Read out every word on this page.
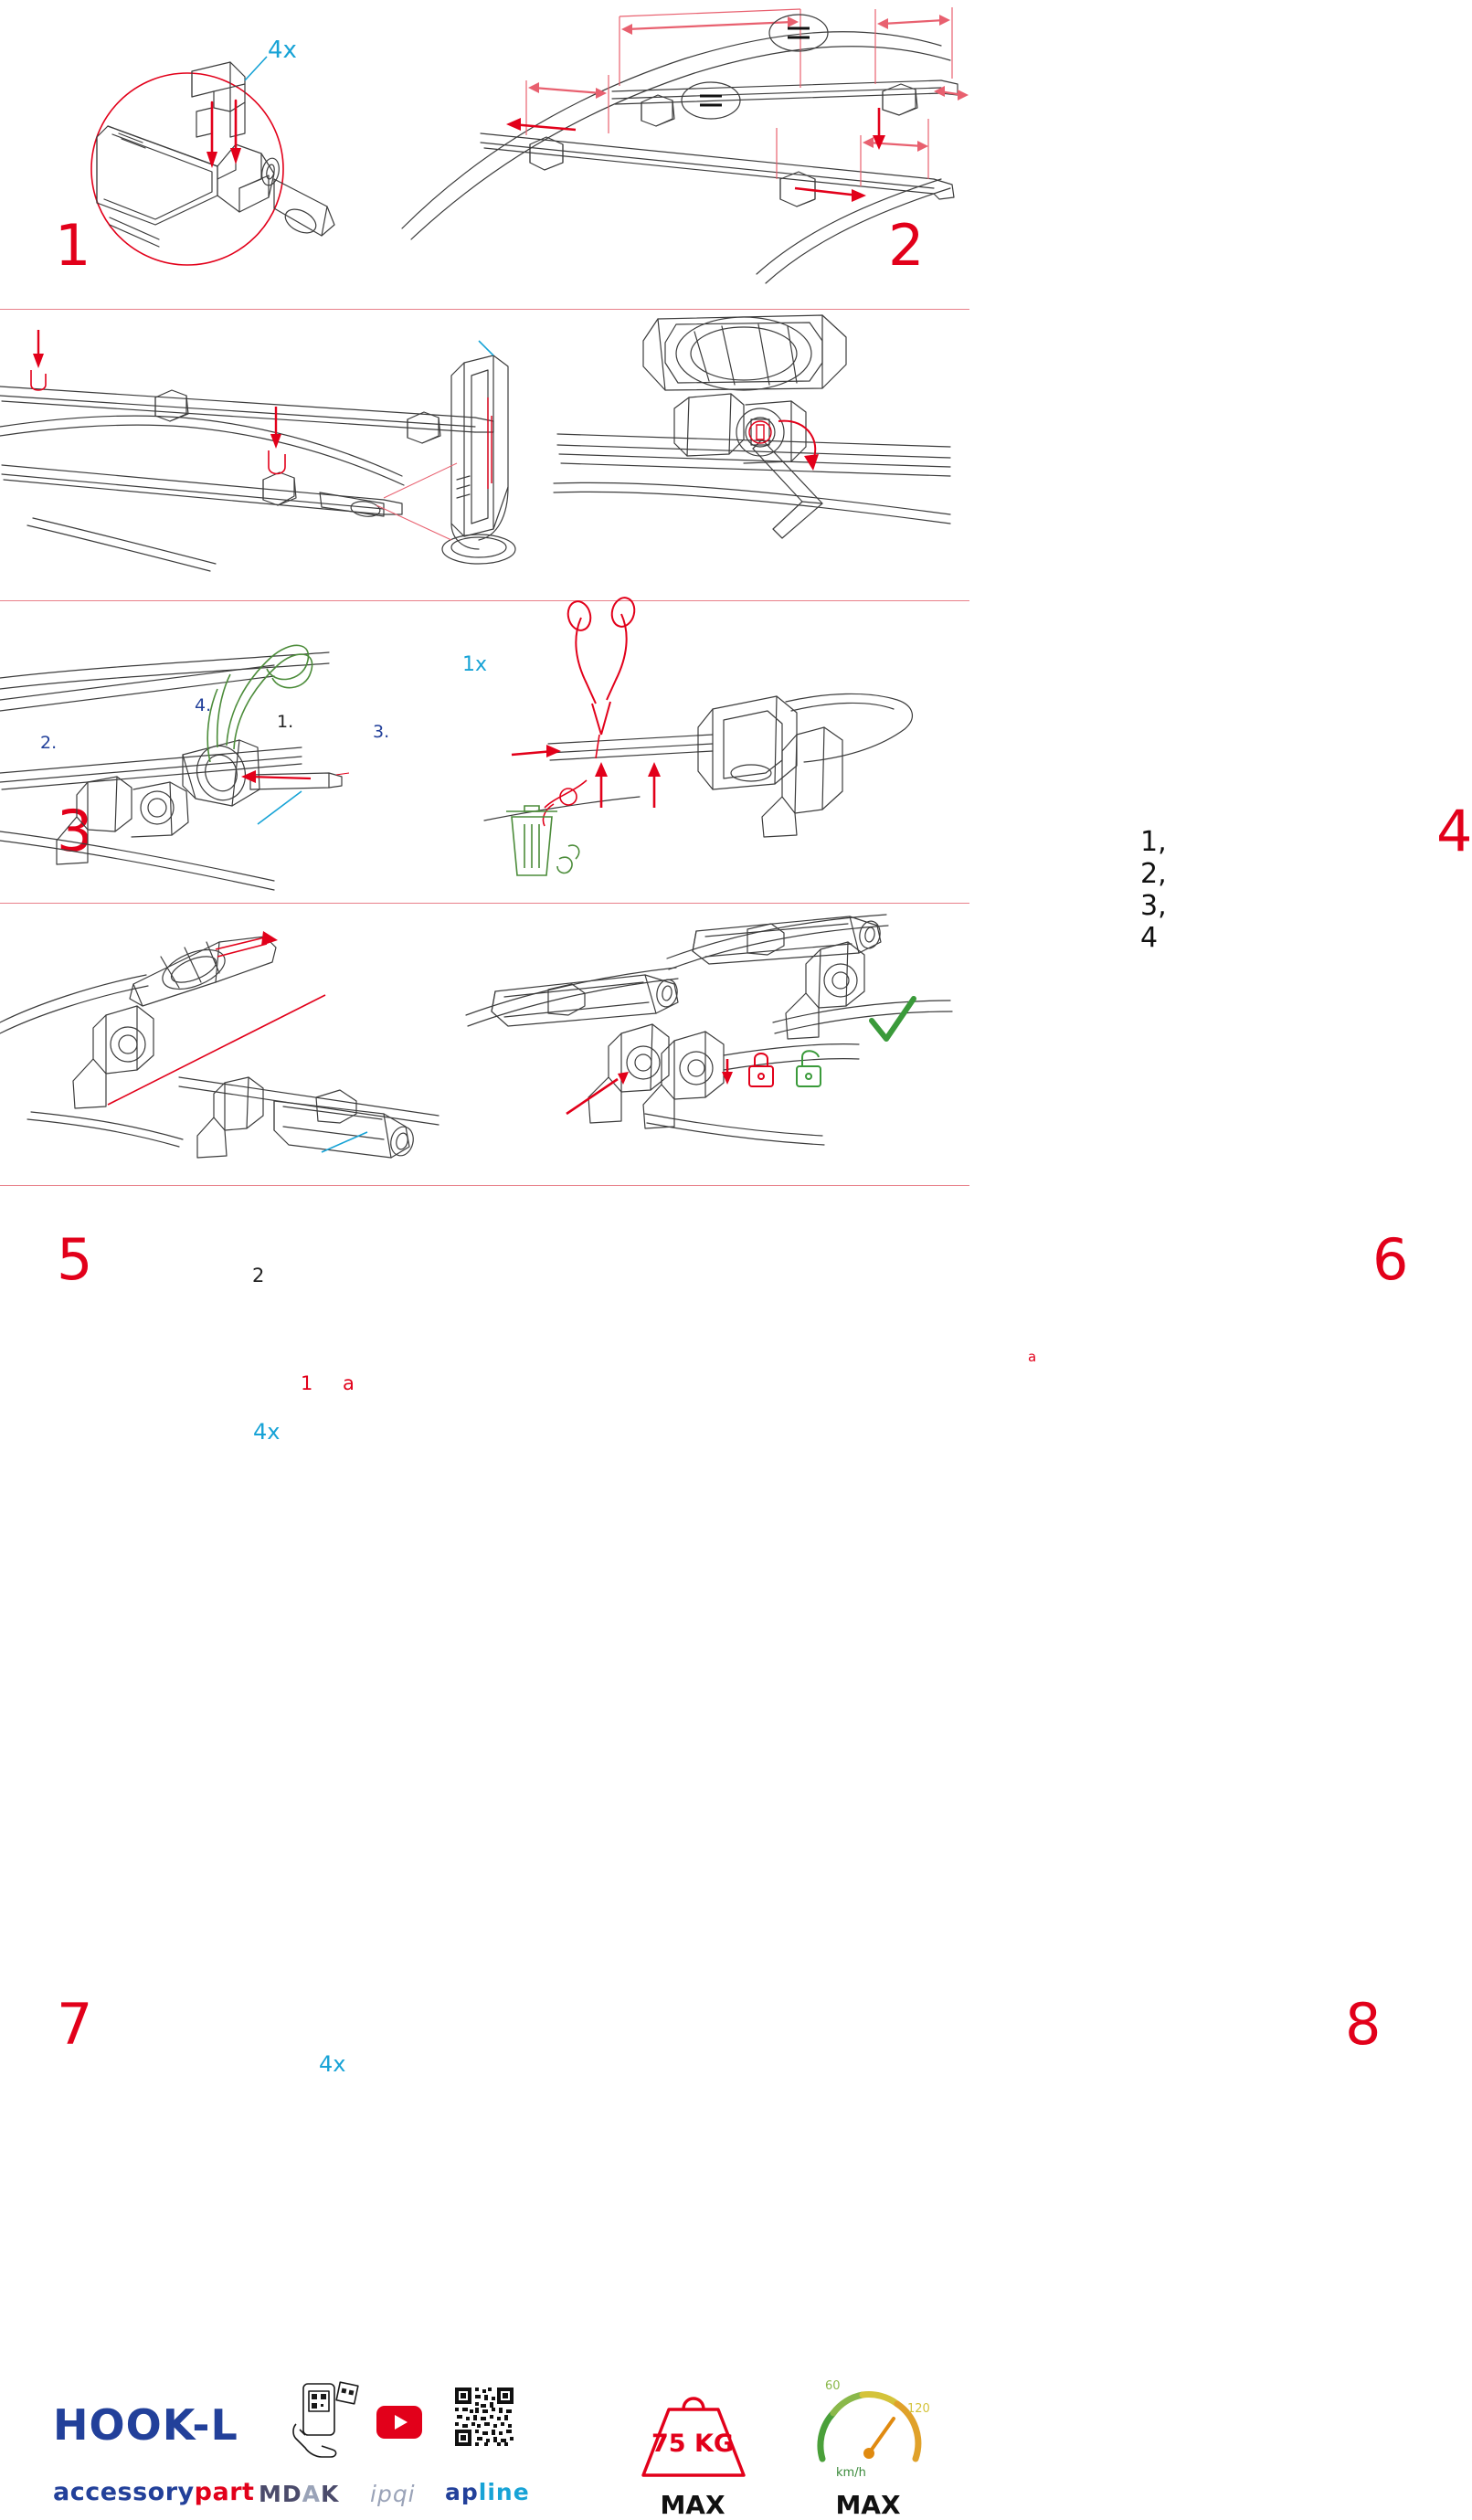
4x
1	2
1.
2.
3.
4.
1x
3	1, 2, 3, 4
4
5
1
2
a
4x
6
a
7
4x
8
HOOK-L
accessorypart MDAK ipqi apline
75 KG
MAX
60
120
km/h
MAX
